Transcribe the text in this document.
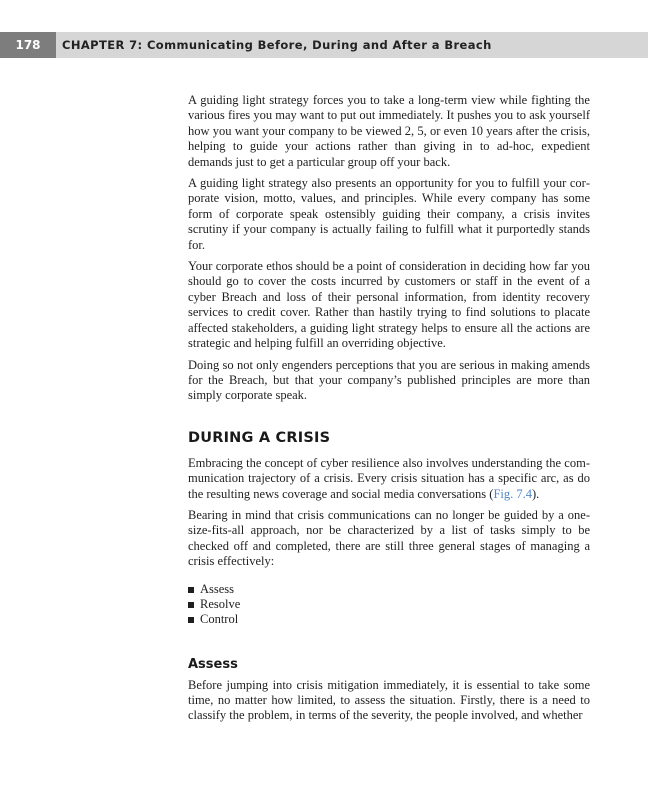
178	CHAPTER 7: Communicating Before, During and After a Breach

A guiding light strategy forces you to take a long-term view while fighting the various fires you may want to put out immediately. It pushes you to ask yourself how you want your company to be viewed 2, 5, or even 10 years after the crisis, helping to guide your actions rather than giving in to ad-hoc, expedient demands just to get a particular group off your back.

A guiding light strategy also presents an opportunity for you to fulfill your corporate vision, motto, values, and principles. While every company has some form of corporate speak ostensibly guiding their company, a crisis invites scrutiny if your company is actually failing to fulfill what it purportedly stands for.

Your corporate ethos should be a point of consideration in deciding how far you should go to cover the costs incurred by customers or staff in the event of a cyber Breach and loss of their personal information, from identity recovery services to credit cover. Rather than hastily trying to find solutions to placate affected stakeholders, a guiding light strategy helps to ensure all the actions are strategic and helping fulfill an overriding objective.

Doing so not only engenders perceptions that you are serious in making amends for the Breach, but that your company’s published principles are more than simply corporate speak.

DURING A CRISIS

Embracing the concept of cyber resilience also involves understanding the communication trajectory of a crisis. Every crisis situation has a specific arc, as do the resulting news coverage and social media conversations (Fig. 7.4).

Bearing in mind that crisis communications can no longer be guided by a one-size-fits-all approach, nor be characterized by a list of tasks simply to be checked off and completed, there are still three general stages of managing a crisis effectively:

Assess
Resolve
Control
Assess

Before jumping into crisis mitigation immediately, it is essential to take some time, no matter how limited, to assess the situation. Firstly, there is a need to classify the problem, in terms of the severity, the people involved, and whether
